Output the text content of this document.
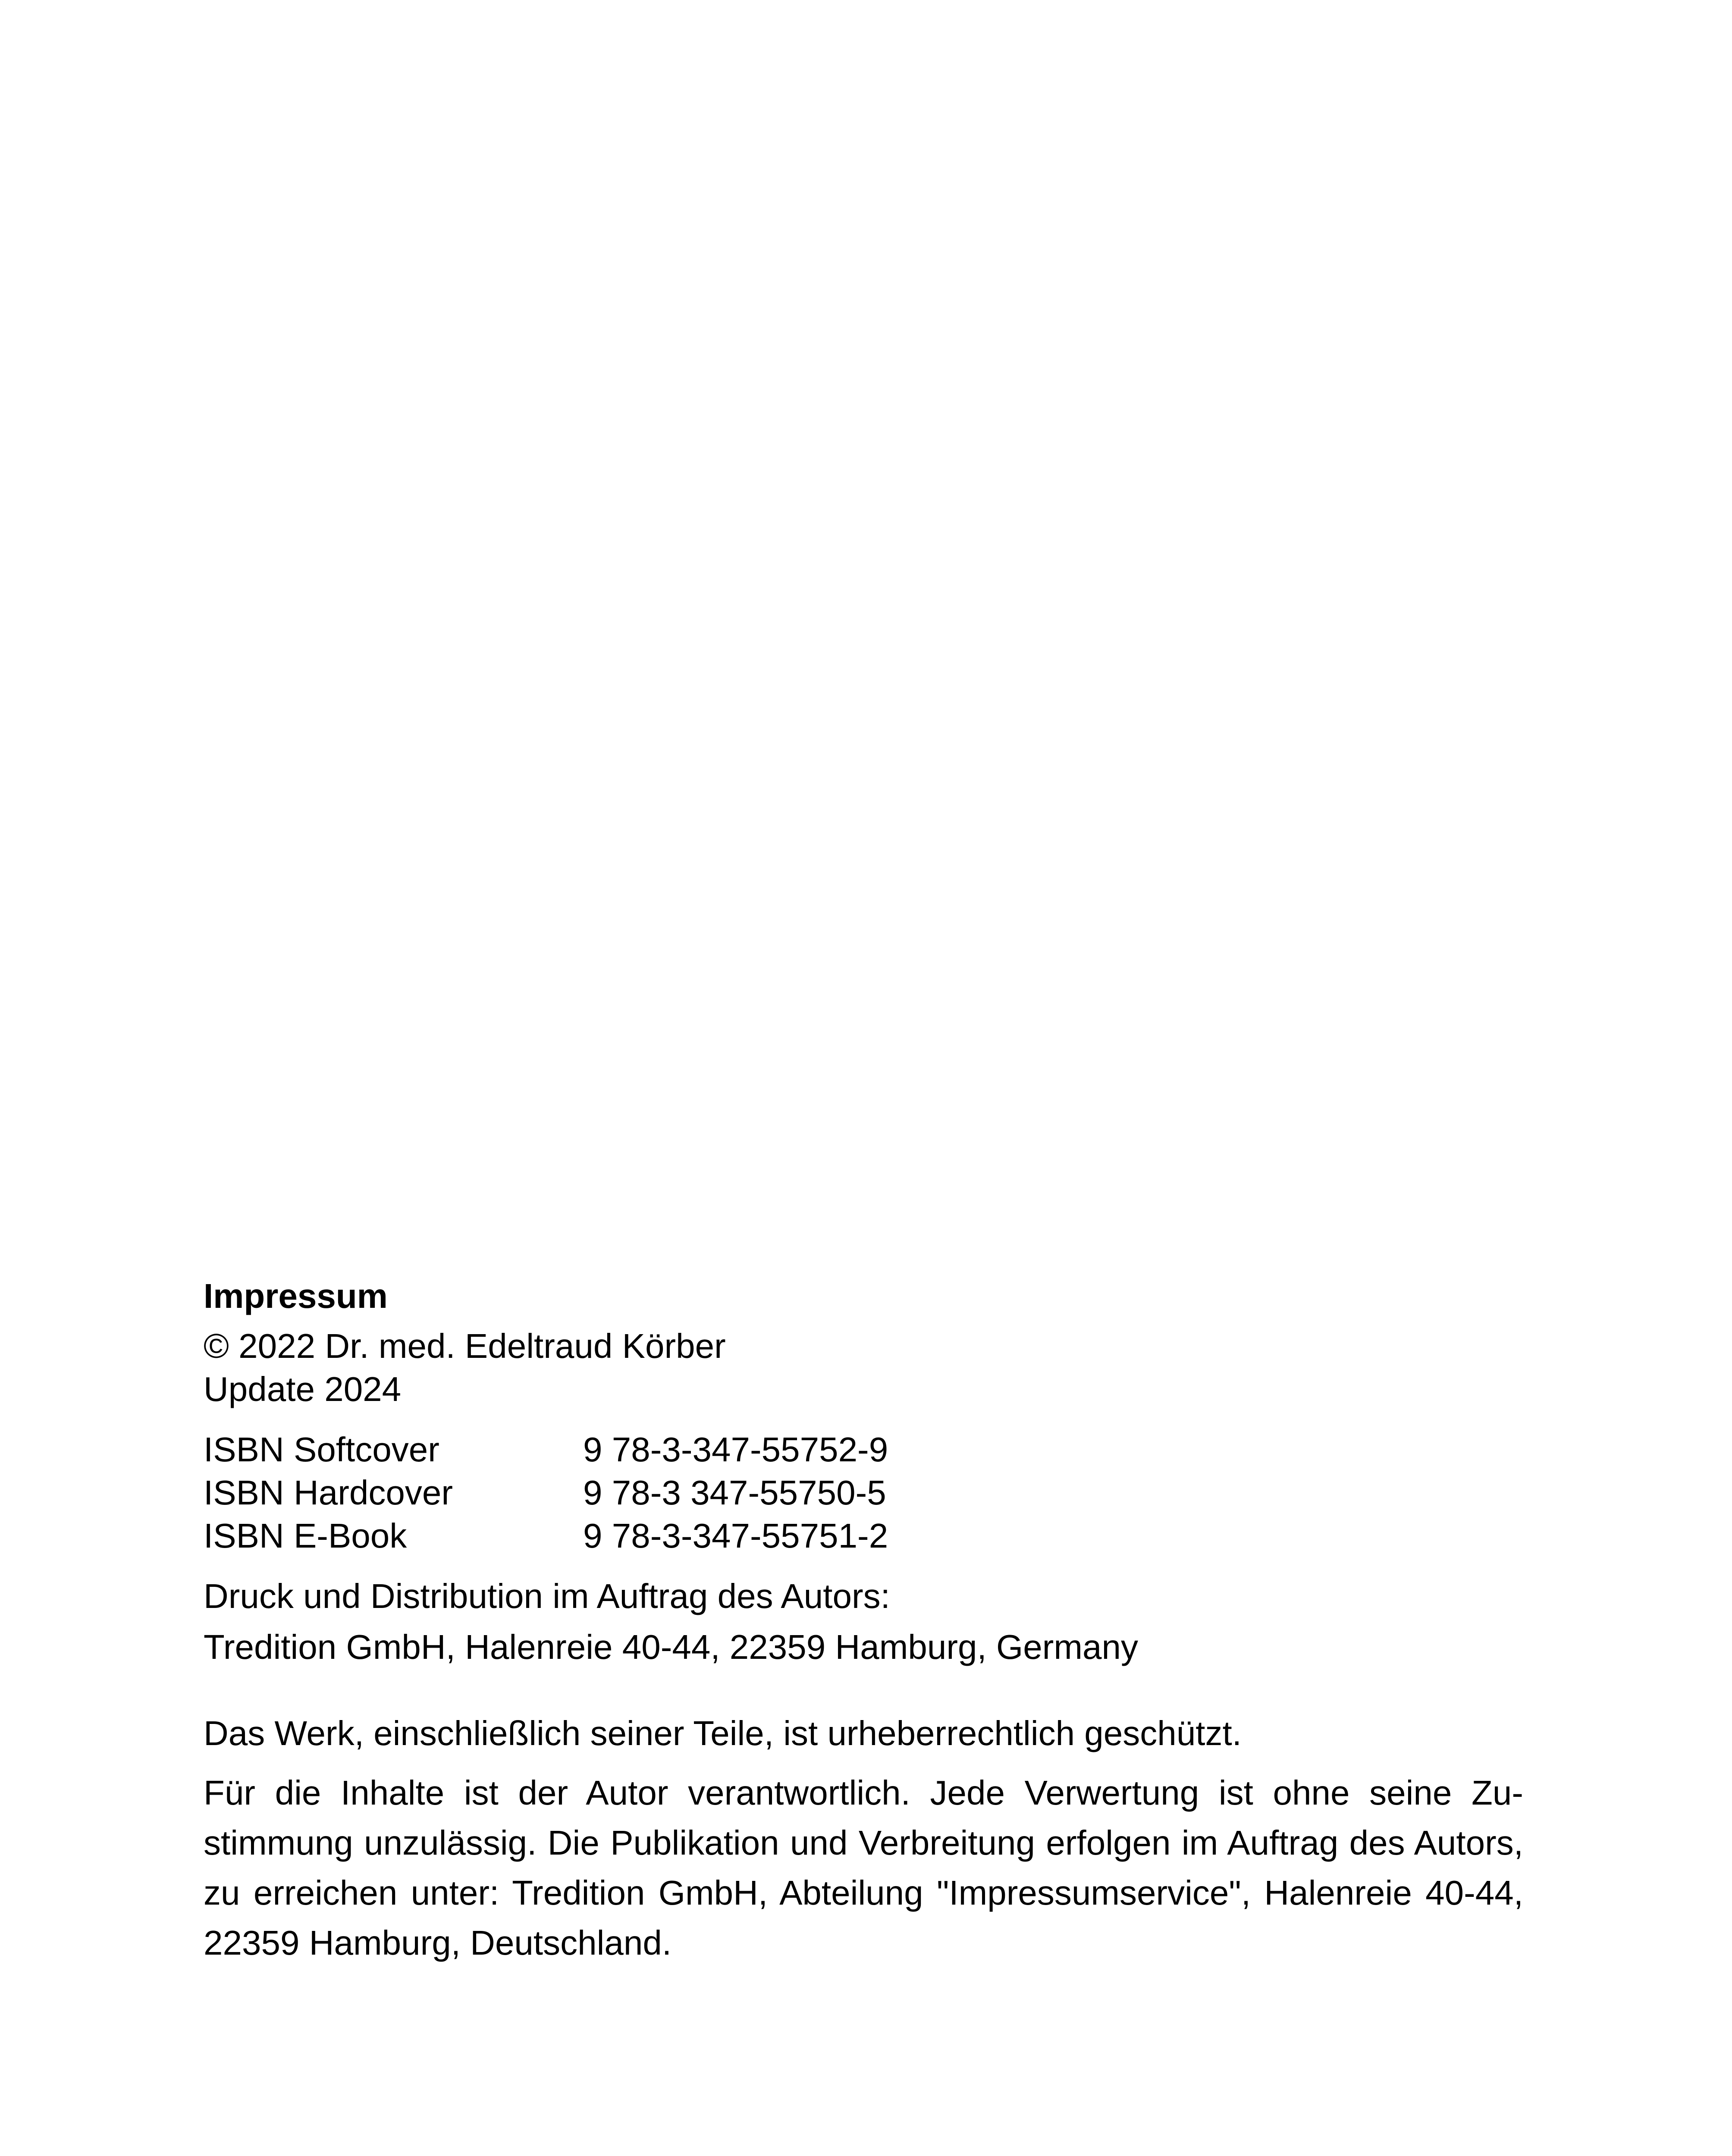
Impressum
© 2022 Dr. med. Edeltraud Körber
Update 2024
ISBN Softcover	9 78-3-347-55752-9
ISBN Hardcover	9 78-3 347-55750-5
ISBN E-Book	9 78-3-347-55751-2
Druck und Distribution im Auftrag des Autors:
Tredition GmbH, Halenreie 40-44, 22359 Hamburg, Germany
Das Werk, einschließlich seiner Teile, ist urheberrechtlich geschützt.
Für die Inhalte ist der Autor verantwortlich. Jede Verwertung ist ohne seine Zu-stimmung unzulässig. Die Publikation und Verbreitung erfolgen im Auftrag des Autors, zu erreichen unter: Tredition GmbH, Abteilung "Impressumservice", Halenreie 40-44, 22359 Hamburg, Deutschland.
